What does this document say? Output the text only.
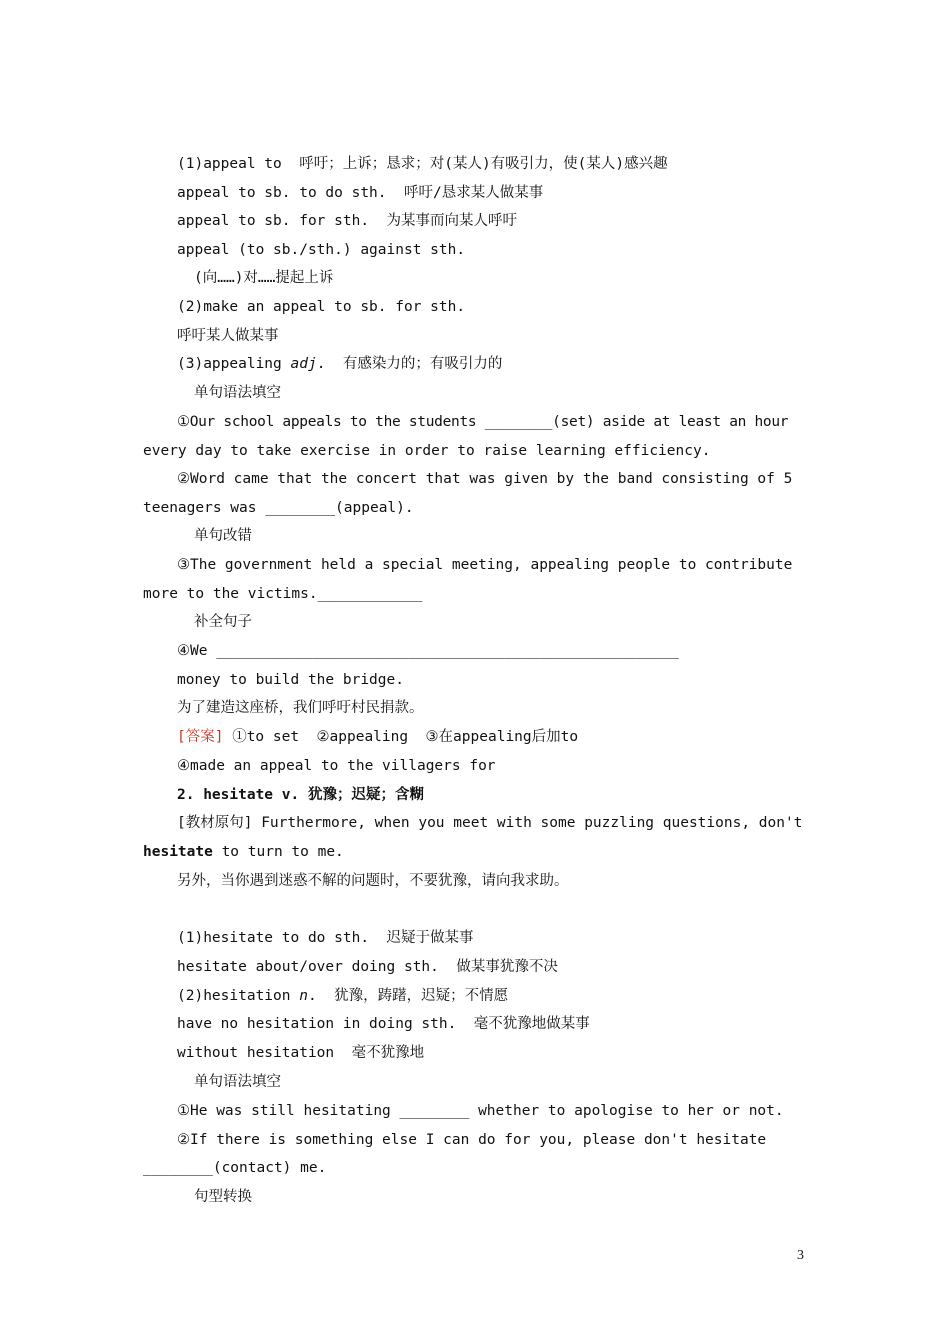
(1)appeal to  呼吁；上诉；恳求；对(某人)有吸引力，使(某人)感兴趣
appeal to sb. to do sth.  呼吁/恳求某人做某事
appeal to sb. for sth.  为某事而向某人呼吁
appeal (to sb./sth.) against sth.
(向……)对……提起上诉
(2)make an appeal to sb. for sth.
呼吁某人做某事
(3)appealing adj.  有感染力的；有吸引力的
单句语法填空
①Our school appeals to the students ________(set) aside at least an hour
every day to take exercise in order to raise learning efficiency.
②Word came that the concert that was given by the band consisting of 5
teenagers was ________(appeal).
单句改错
③The government held a special meeting, appealing people to contribute
more to the victims.____________
补全句子
④We _____________________________________________________
money to build the bridge.
为了建造这座桥，我们呼吁村民捐款。
[答案] ①to set  ②appealing  ③在appealing后加to
④made an appeal to the villagers for
2. hesitate v. 犹豫；迟疑；含糊
[教材原句] Furthermore, when you meet with some puzzling questions, don't
hesitate to turn to me.
另外，当你遇到迷惑不解的问题时，不要犹豫，请向我求助。
(1)hesitate to do sth.  迟疑于做某事
hesitate about/over doing sth.  做某事犹豫不决
(2)hesitation n.  犹豫，踌躇，迟疑；不情愿
have no hesitation in doing sth.  毫不犹豫地做某事
without hesitation  毫不犹豫地
单句语法填空
①He was still hesitating ________ whether to apologise to her or not.
②If there is something else I can do for you, please don't hesitate
________(contact) me.
句型转换
3
